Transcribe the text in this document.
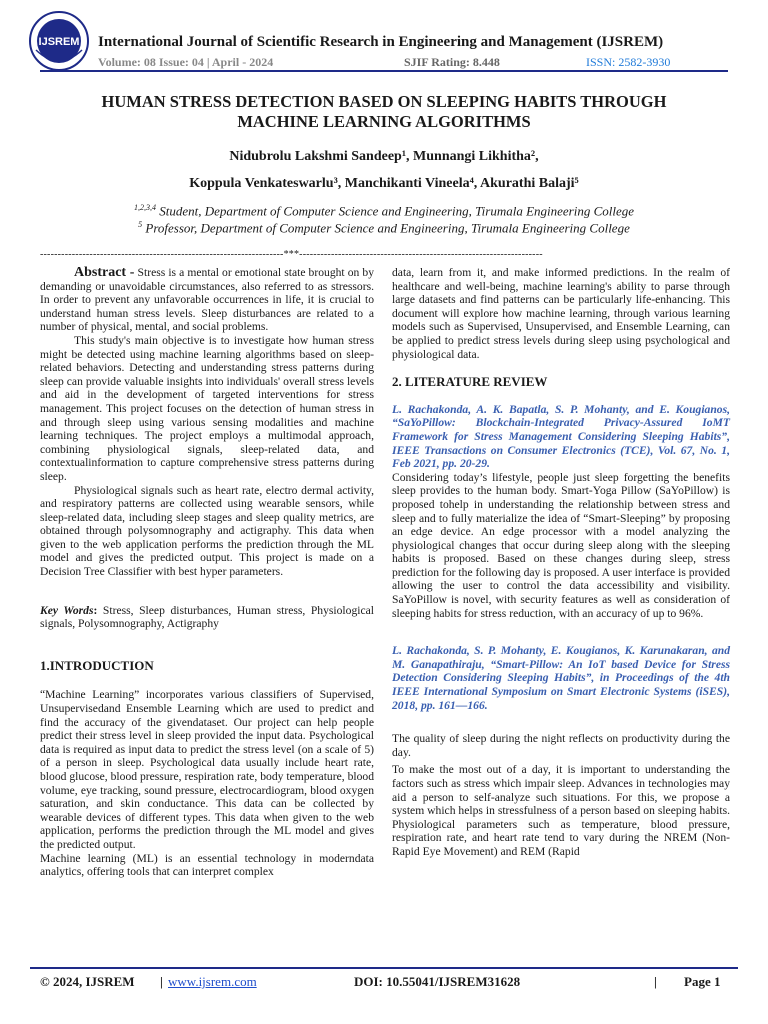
IJSREM International Journal of Scientific Research in Engineering and Management (IJSREM)
Volume: 08 Issue: 04 | April - 2024	SJIF Rating: 8.448	ISSN: 2582-3930
HUMAN STRESS DETECTION BASED ON SLEEPING HABITS THROUGH
MACHINE LEARNING ALGORITHMS
Nidubrolu Lakshmi Sandeep¹, Munnangi Likhitha²,
Koppula Venkateswarlu³, Manchikanti Vineela⁴, Akurathi Balaji⁵
$^{1,2,3,4}$ Student, Department of Computer Science and Engineering, Tirumala Engineering College
$^5$ Professor, Department of Computer Science and Engineering, Tirumala Engineering College
---------------------------------------------------------------------***---------------------------------------------------------------------

Abstract - Stress is a mental or emotional state brought on by demanding or unavoidable circumstances, also referred to as stressors. In order to prevent any unfavorable occurrences in life, it is crucial to understand human stress levels. Sleep disturbances are related to a number of physical, mental, and social problems.

This study's main objective is to investigate how human stress might be detected using machine learning algorithms based on sleep-related behaviors. Detecting and understanding stress patterns during sleep can provide valuable insights into individuals' overall stress levels and aid in the development of targeted interventions for stress management. This project focuses on the detection of human stress in and through sleep using various sensing modalities and machine learning techniques. The project employs a multimodal approach, combining physiological signals, sleep-related data, and contextualinformation to capture comprehensive stress patterns during sleep.

Physiological signals such as heart rate, electro dermal activity, and respiratory patterns are collected using wearable sensors, while sleep-related data, including sleep stages and sleep quality metrics, are obtained through polysomnography and actigraphy. This data when given to the web application performs the prediction through the ML model and gives the predicted output. This project is made on a Decision Tree Classifier with best hyper parameters.

Key Words: Stress, Sleep disturbances, Human stress, Physiological signals, Polysomnography, Actigraphy

1.INTRODUCTION

“Machine Learning” incorporates various classifiers of Supervised, Unsupervisedand Ensemble Learning which are used to predict and find the accuracy of the givendataset. Our project can help people predict their stress level in sleep provided the input data. Psychological data is required as input data to predict the stress level (on a scale of 5) of a person in sleep. Psychological data usually include heart rate, blood glucose, blood pressure, respiration rate, body temperature, blood volume, eye tracking, sound pressure, electrocardiogram, blood oxygen saturation, and skin conductance. This data can be collected by wearable devices of different types. This data when given to the web application, performs the prediction through the ML model and gives the predicted output.

Machine learning (ML) is an essential technology in moderndata analytics, offering tools that can interpret complex

data, learn from it, and make informed predictions. In the realm of healthcare and well-being, machine learning's ability to parse through large datasets and find patterns can be particularly life-enhancing. This document will explore how machine learning, through various learning models such as Supervised, Unsupervised, and Ensemble Learning, can be applied to predict stress levels during sleep using psychological and physiological data.

2. LITERATURE REVIEW

L. Rachakonda, A. K. Bapatla, S. P. Mohanty, and E. Kougianos, “SaYoPillow: Blockchain-Integrated Privacy-Assured IoMT Framework for Stress Management Considering Sleeping Habits”, IEEE Transactions on Consumer Electronics (TCE), Vol. 67, No. 1, Feb 2021, pp. 20-29.

Considering today’s lifestyle, people just sleep forgetting the benefits sleep provides to the human body. Smart-Yoga Pillow (SaYoPillow) is proposed tohelp in understanding the relationship between stress and sleep and to fully materialize the idea of “Smart-Sleeping” by proposing an edge device. An edge processor with a model analyzing the physiological changes that occur during sleep along with the sleeping habits is proposed. Based on these changes during sleep, stress prediction for the following day is proposed. A user interface is provided allowing the user to control the data accessibility and visibility. SaYoPillow is novel, with security features as well as consideration of sleeping habits for stress reduction, with an accuracy of up to 96%.

L. Rachakonda, S. P. Mohanty, E. Kougianos, K. Karunakaran, and M. Ganapathiraju, “Smart-Pillow: An IoT based Device for Stress Detection Considering Sleeping Habits”, in Proceedings of the 4th IEEE International Symposium on Smart Electronic Systems (iSES), 2018, pp. 161—166.

The quality of sleep during the night reflects on productivity during the day.

To make the most out of a day, it is important to understanding the factors such as stress which impair sleep. Advances in technologies may aid a person to self-analyze such situations. For this, we propose a system which helps in stressfulness of a person based on sleeping habits. Physiological parameters such as temperature, blood pressure, respiration rate, and heart rate tend to vary during the NREM (Non-Rapid Eye Movement) and REM (Rapid

© 2024, IJSREM | www.ijsrem.com	DOI: 10.55041/IJSREM31628	| Page 1
